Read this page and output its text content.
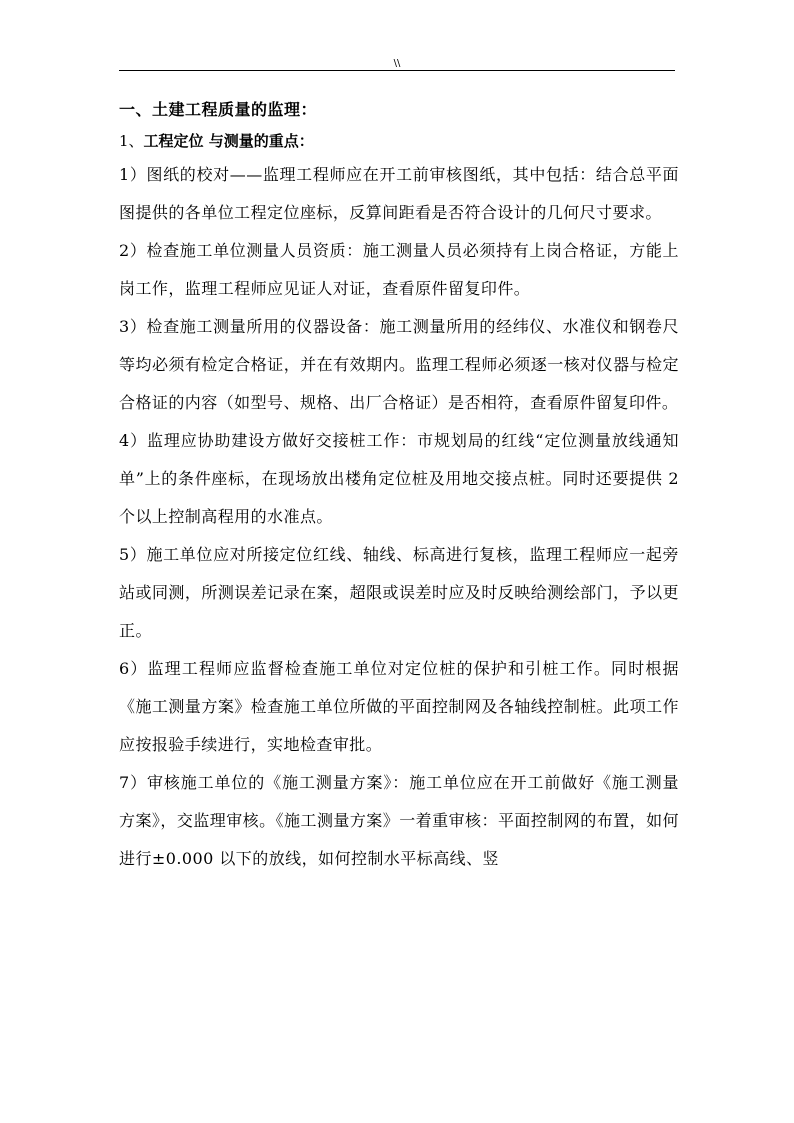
\\
一、土建工程质量的监理：
1、工程定位 与测量的重点：

1）图纸的校对——监理工程师应在开工前审核图纸，其中包括：结合总平面图提供的各单位工程定位座标，反算间距看是否符合设计的几何尺寸要求。

2）检查施工单位测量人员资质：施工测量人员必须持有上岗合格证，方能上岗工作，监理工程师应见证人对证，查看原件留复印件。

3）检查施工测量所用的仪器设备：施工测量所用的经纬仪、水准仪和钢卷尺等均必须有检定合格证，并在有效期内。监理工程师必须逐一核对仪器与检定合格证的内容（如型号、规格、出厂合格证）是否相符，查看原件留复印件。

4）监理应协助建设方做好交接桩工作：市规划局的红线“定位测量放线通知单”上的条件座标，在现场放出楼角定位桩及用地交接点桩。同时还要提供 2 个以上控制高程用的水准点。

5）施工单位应对所接定位红线、轴线、标高进行复核，监理工程师应一起旁站或同测，所测误差记录在案，超限或误差时应及时反映给测绘部门，予以更正。

6）监理工程师应监督检查施工单位对定位桩的保护和引桩工作。同时根据《施工测量方案》检查施工单位所做的平面控制网及各轴线控制桩。此项工作应按报验手续进行，实地检查审批。

7）审核施工单位的《施工测量方案》：施工单位应在开工前做好《施工测量方案》，交监理审核。《施工测量方案》一着重审核：平面控制网的布置，如何进行±0.000 以下的放线，如何控制水平标高线、竖
